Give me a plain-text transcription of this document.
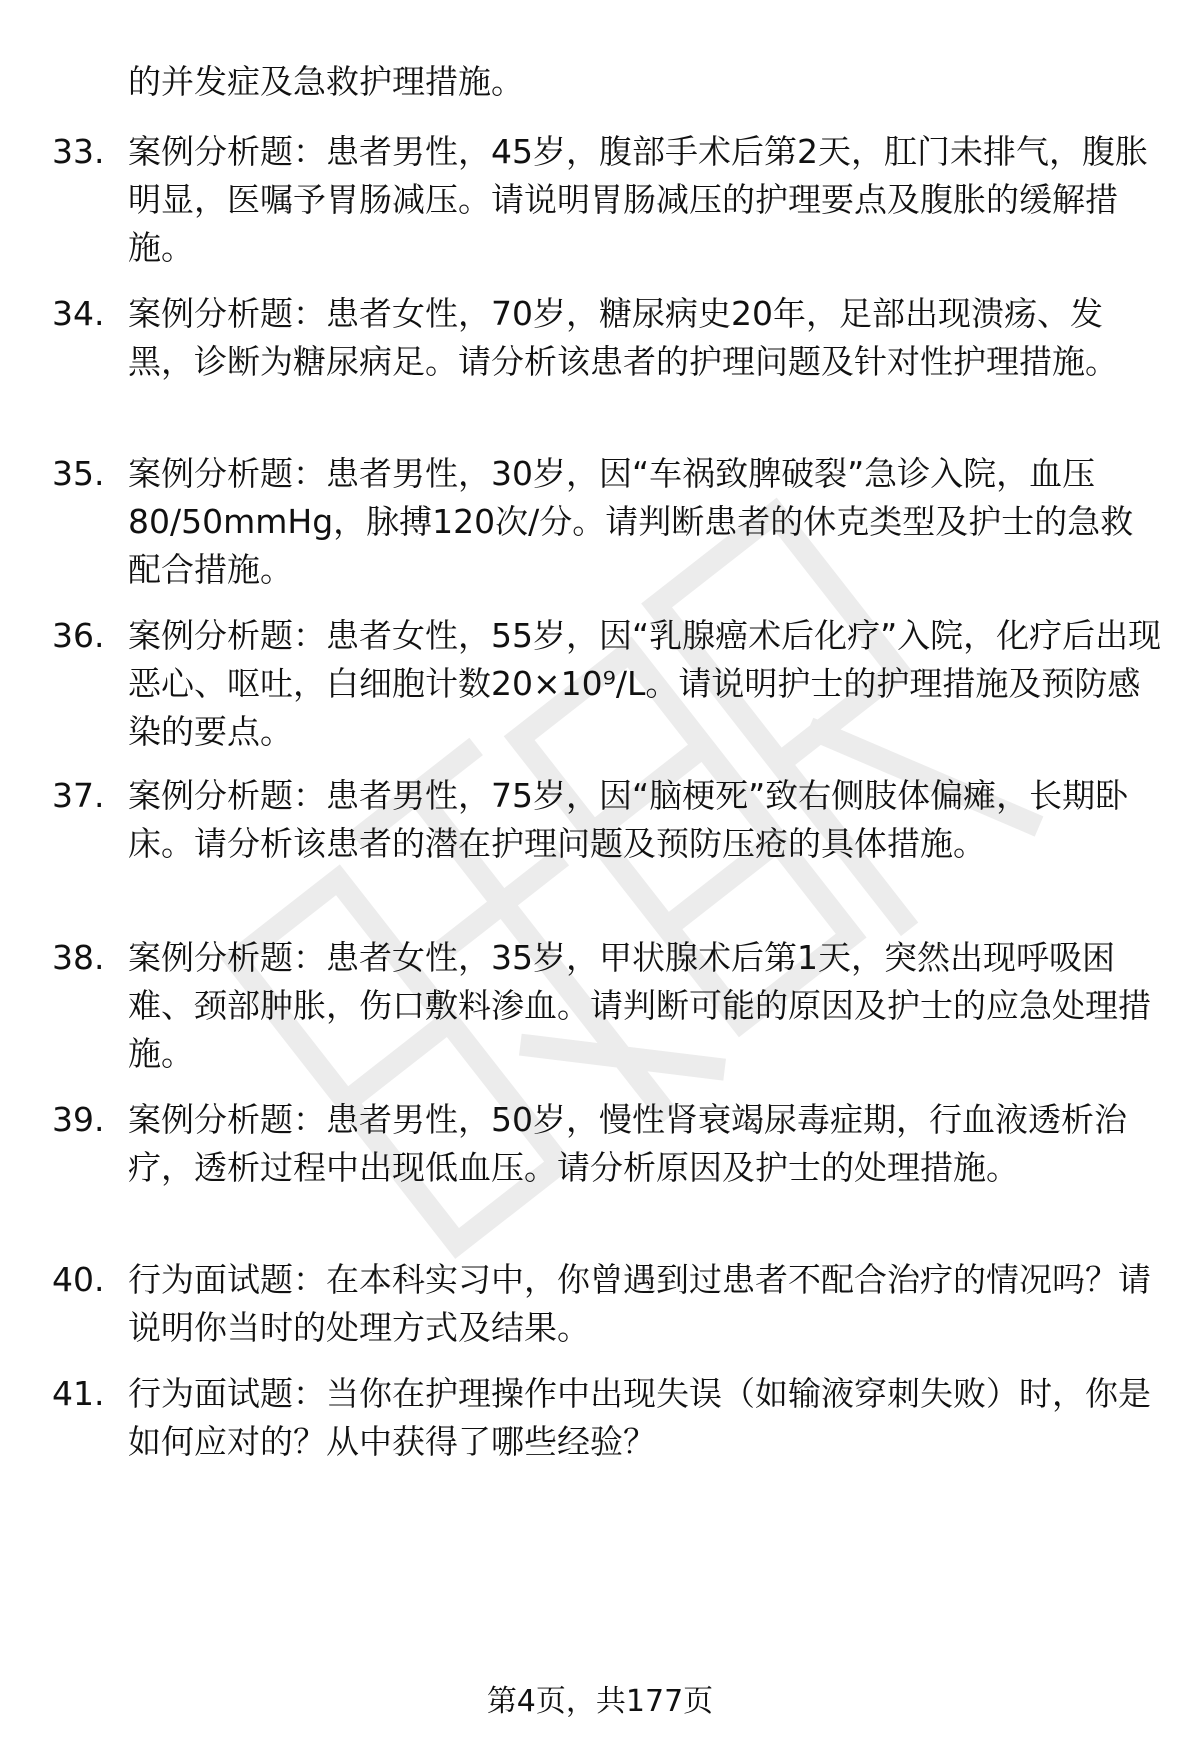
的并发症及急救护理措施。
33. 案例分析题：患者男性，45岁，腹部手术后第2天，肛门未排气，腹胀明显，医嘱予胃肠减压。请说明胃肠减压的护理要点及腹胀的缓解措施。
34. 案例分析题：患者女性，70岁，糖尿病史20年，足部出现溃疡、发黑，诊断为糖尿病足。请分析该患者的护理问题及针对性护理措施。
35. 案例分析题：患者男性，30岁，因“车祸致脾破裂”急诊入院，血压80/50mmHg，脉搏120次/分。请判断患者的休克类型及护士的急救配合措施。
36. 案例分析题：患者女性，55岁，因“乳腺癌术后化疗”入院，化疗后出现恶心、呕吐，白细胞计数20×10⁹/L。请说明护士的护理措施及预防感染的要点。
37. 案例分析题：患者男性，75岁，因“脑梗死”致右侧肢体偏瘫，长期卧床。请分析该患者的潜在护理问题及预防压疮的具体措施。
38. 案例分析题：患者女性，35岁，甲状腺术后第1天，突然出现呼吸困难、颈部肿胀，伤口敷料渗血。请判断可能的原因及护士的应急处理措施。
39. 案例分析题：患者男性，50岁，慢性肾衰竭尿毒症期，行血液透析治疗，透析过程中出现低血压。请分析原因及护士的处理措施。
40. 行为面试题：在本科实习中，你曾遇到过患者不配合治疗的情况吗？请说明你当时的处理方式及结果。
41. 行为面试题：当你在护理操作中出现失误（如输液穿刺失败）时，你是如何应对的？从中获得了哪些经验？
第4页，共177页
